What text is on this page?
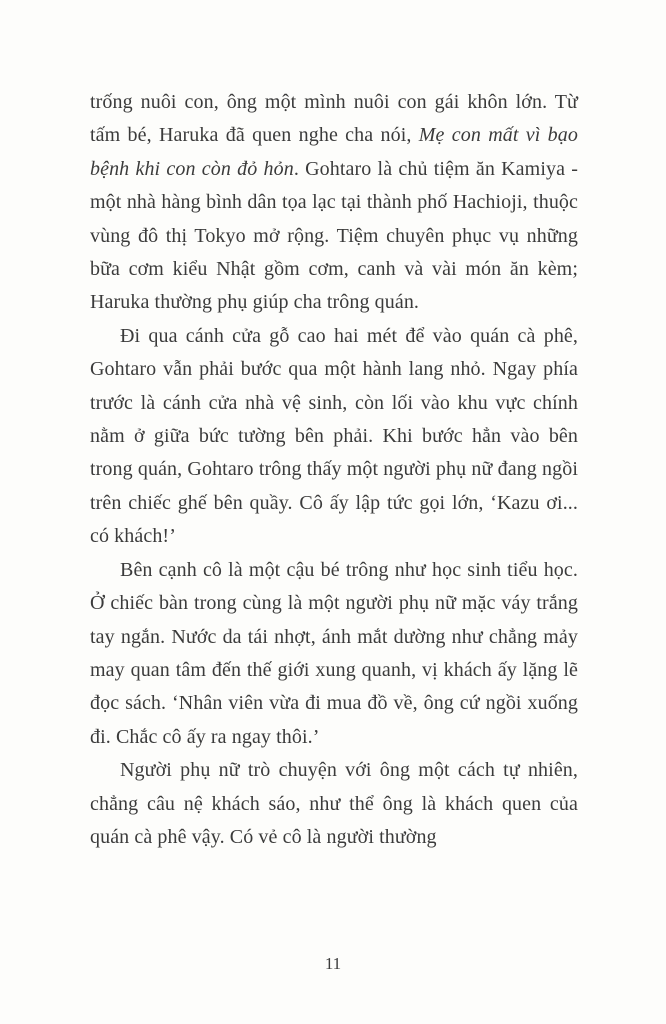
trống nuôi con, ông một mình nuôi con gái khôn lớn. Từ tấm bé, Haruka đã quen nghe cha nói, Mẹ con mất vì bạo bệnh khi con còn đỏ hỏn. Gohtaro là chủ tiệm ăn Kamiya - một nhà hàng bình dân tọa lạc tại thành phố Hachioji, thuộc vùng đô thị Tokyo mở rộng. Tiệm chuyên phục vụ những bữa cơm kiểu Nhật gồm cơm, canh và vài món ăn kèm; Haruka thường phụ giúp cha trông quán.

Đi qua cánh cửa gỗ cao hai mét để vào quán cà phê, Gohtaro vẫn phải bước qua một hành lang nhỏ. Ngay phía trước là cánh cửa nhà vệ sinh, còn lối vào khu vực chính nằm ở giữa bức tường bên phải. Khi bước hẳn vào bên trong quán, Gohtaro trông thấy một người phụ nữ đang ngồi trên chiếc ghế bên quầy. Cô ấy lập tức gọi lớn, ‘Kazu ơi... có khách!’

Bên cạnh cô là một cậu bé trông như học sinh tiểu học. Ở chiếc bàn trong cùng là một người phụ nữ mặc váy trắng tay ngắn. Nước da tái nhợt, ánh mắt dường như chẳng mảy may quan tâm đến thế giới xung quanh, vị khách ấy lặng lẽ đọc sách. ‘Nhân viên vừa đi mua đồ về, ông cứ ngồi xuống đi. Chắc cô ấy ra ngay thôi.’

Người phụ nữ trò chuyện với ông một cách tự nhiên, chẳng câu nệ khách sáo, như thể ông là khách quen của quán cà phê vậy. Có vẻ cô là người thường

11
